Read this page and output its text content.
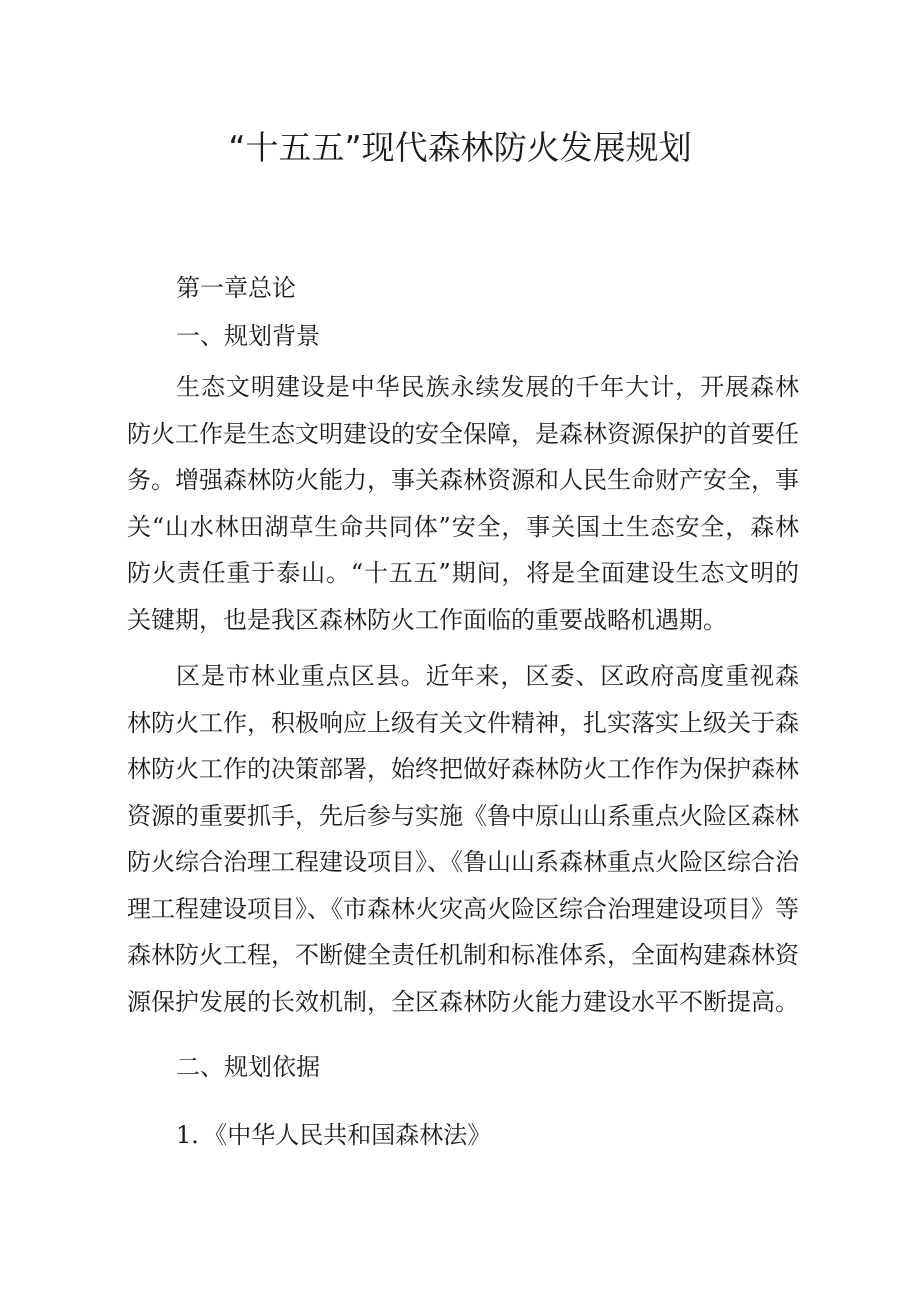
“十五五”现代森林防火发展规划

第一章总论

一、规划背景

生态文明建设是中华民族永续发展的千年大计，开展森林防火工作是生态文明建设的安全保障，是森林资源保护的首要任务。增强森林防火能力，事关森林资源和人民生命财产安全，事关“山水林田湖草生命共同体”安全，事关国土生态安全，森林防火责任重于泰山。“十五五”期间，将是全面建设生态文明的关键期，也是我区森林防火工作面临的重要战略机遇期。

区是市林业重点区县。近年来，区委、区政府高度重视森林防火工作，积极响应上级有关文件精神，扎实落实上级关于森林防火工作的决策部署，始终把做好森林防火工作作为保护森林资源的重要抓手，先后参与实施《鲁中原山山系重点火险区森林防火综合治理工程建设项目》、《鲁山山系森林重点火险区综合治理工程建设项目》、《市森林火灾高火险区综合治理建设项目》等森林防火工程，不断健全责任机制和标准体系，全面构建森林资源保护发展的长效机制，全区森林防火能力建设水平不断提高。

二、规划依据

1．《中华人民共和国森林法》
